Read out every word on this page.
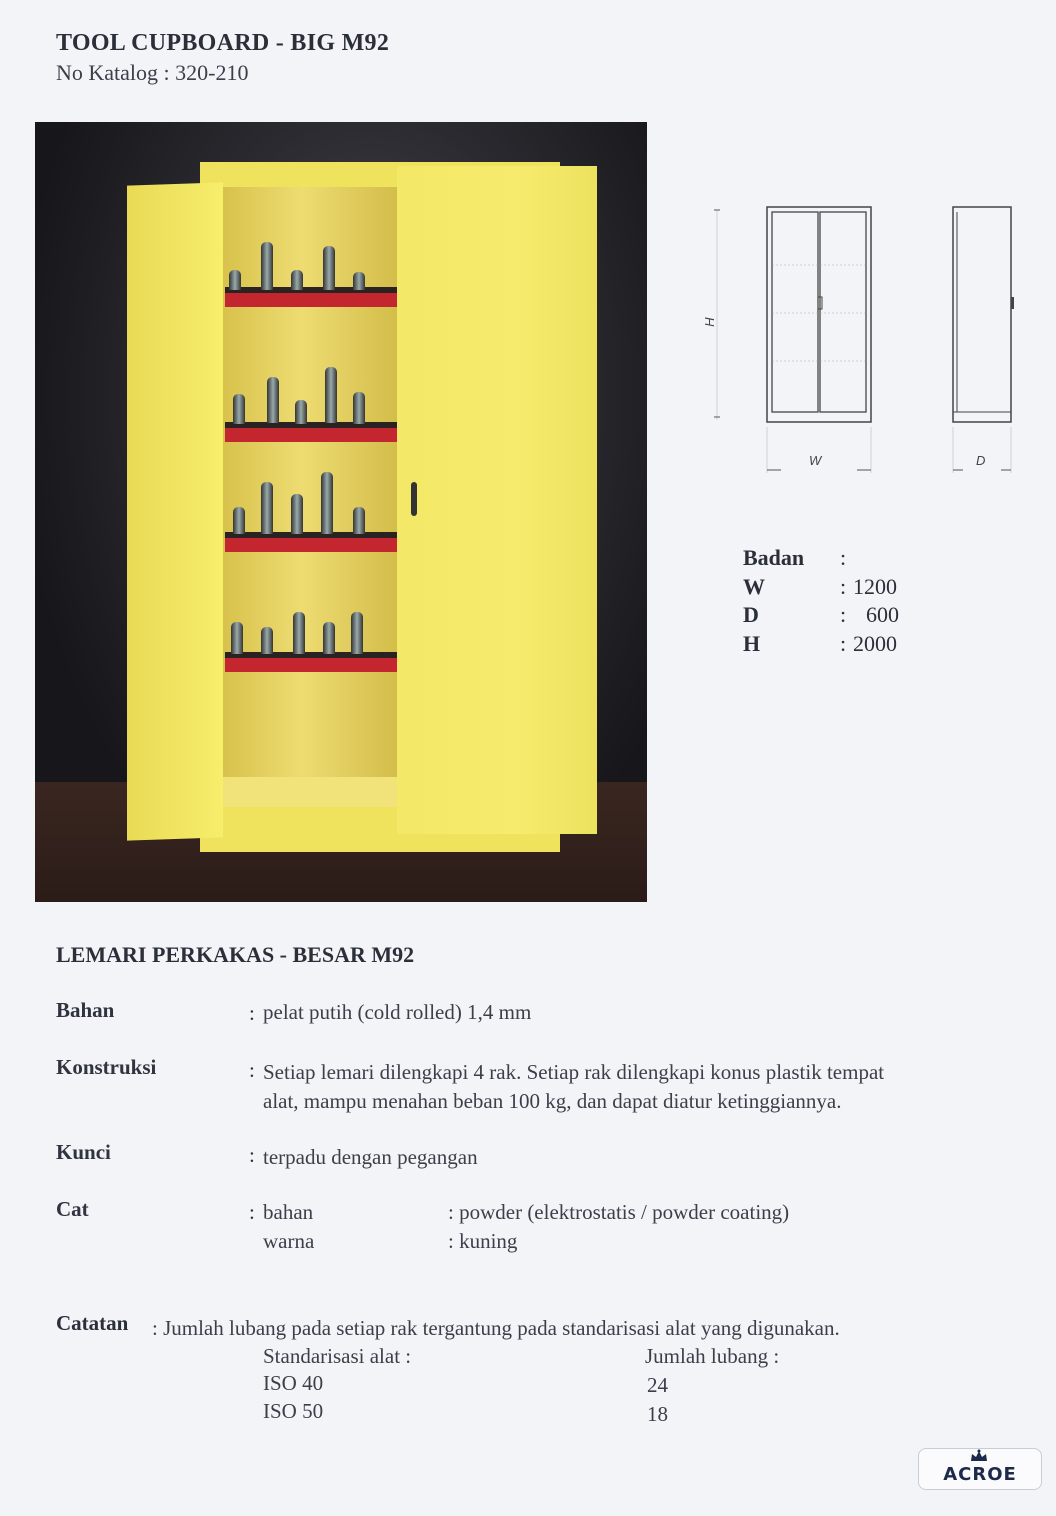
TOOL CUPBOARD - BIG M92
No Katalog : 320-210
H
W	D
Badan :
W	: 1200
D	: 600
H	: 2000
LEMARI PERKAKAS - BESAR M92
Bahan	: pelat putih (cold rolled) 1,4 mm
Konstruksi	: Setiap lemari dilengkapi 4 rak. Setiap rak dilengkapi konus plastik tempat
alat, mampu menahan beban 100 kg, dan dapat diatur ketinggiannya.
Kunci	: terpadu dengan pegangan
Cat	: bahan	: powder (elektrostatis / powder coating)
warna	: kuning
Catatan : Jumlah lubang pada setiap rak tergantung pada standarisasi alat yang digunakan.
Standarisasi alat :	Jumlah lubang :
ISO 40	24
ISO 50	18
ACROE
